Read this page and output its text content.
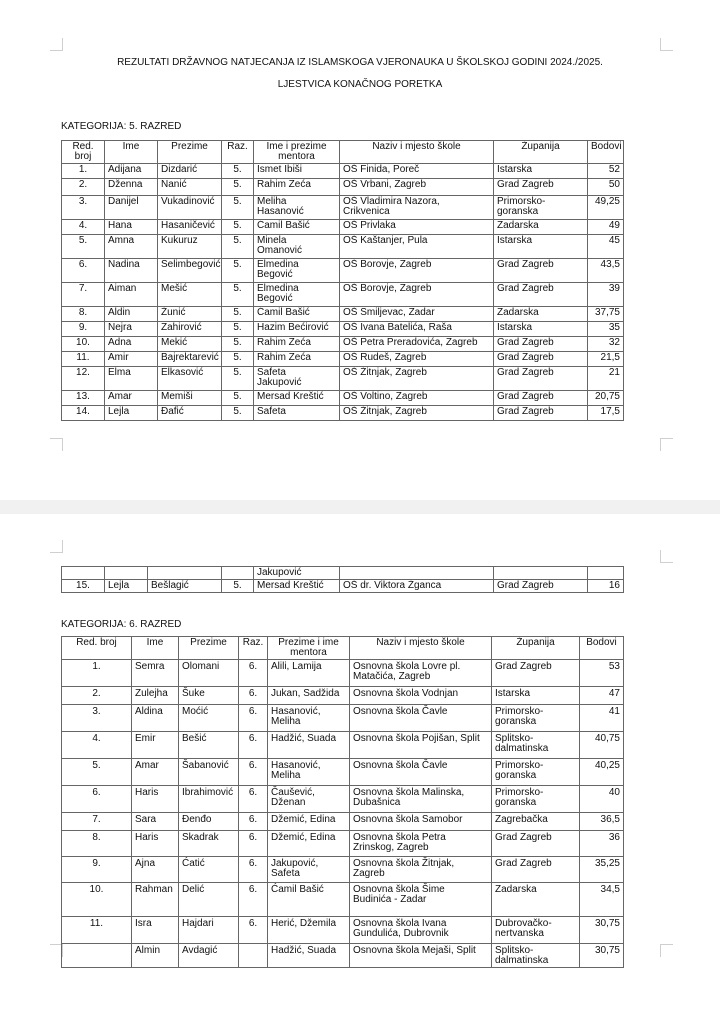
REZULTATI DRŽAVNOG NATJECANJA IZ ISLAMSKOGA VJERONAUKA U ŠKOLSKOJ GODINI 2024./2025.
LJESTVICA KONAČNOG PORETKA
KATEGORIJA: 5. RAZRED
Red.
broj	Ime	Prezime	Raz.	Ime i prezime
mentora	Naziv i mjesto škole	Županija	Bodovi
1.	Adijana	Dizdarić	5.	Ismet Ibiši	OŠ Finida, Poreč	Istarska	52
2.	Dženna	Nanić	5.	Rahim Zeća	OŠ Vrbani, Zagreb	Grad Zagreb	50
3.	Danijel	Vukadinović	5.	Meliha
Hasanović	OŠ Vladimira Nazora,
Crikvenica	Primorsko-
goranska	49,25
4.	Hana	Hasaničević	5.	Ćamil Bašić	OŠ Privlaka	Zadarska	49
5.	Amna	Kukuruz	5.	Minela
Omanović	OŠ Kaštanjer, Pula	Istarska	45
6.	Nadina	Selimbegović	5.	Elmedina
Begović	OŠ Borovje, Zagreb	Grad Zagreb	43,5
7.	Aiman	Mešić	5.	Elmedina
Begović	OŠ Borovje, Zagreb	Grad Zagreb	39
8.	Aldin	Žunić	5.	Ćamil Bašić	OŠ Smiljevac, Zadar	Zadarska	37,75
9.	Nejra	Zahirović	5.	Hazim Bećirović	OŠ Ivana Batelića, Raša	Istarska	35
10.	Adna	Mekić	5.	Rahim Zeća	OŠ Petra Preradovića, Zagreb	Grad Zagreb	32
11.	Amir	Bajrektarević	5.	Rahim Zeća	OŠ Rudeš, Zagreb	Grad Zagreb	21,5
12.	Elma	Elkasović	5.	Safeta
Jakupović	OŠ Žitnjak, Zagreb	Grad Zagreb	21
13.	Amar	Memiši	5.	Mersad Kreštić	OŠ Voltino, Zagreb	Grad Zagreb	20,75
14.	Lejla	Đafić	5.	Safeta	OŠ Žitnjak, Zagreb	Grad Zagreb	17,5
				Jakupović			
15.	Lejla	Bešlagić	5.	Mersad Kreštić	OŠ dr. Viktora Žganca	Grad Zagreb	16
KATEGORIJA: 6. RAZRED
Red. broj	Ime	Prezime	Raz.	Prezime i ime
mentora	Naziv i mjesto škole	Županija	Bodovi
1.	Semra	Olomani	6.	Alili, Lamija	Osnovna škola Lovre pl.
Matačića, Zagreb	Grad Zagreb	53
2.	Zulejha	Šuke	6.	Jukan, Sadžida	Osnovna škola Vodnjan	Istarska	47
3.	Aldina	Moćić	6.	Hasanović,
Meliha	Osnovna škola Čavle	Primorsko-
goranska	41
4.	Emir	Bešić	6.	Hadžić, Suada	Osnovna škola Pojišan, Split	Splitsko-
dalmatinska	40,75
5.	Amar	Šabanović	6.	Hasanović,
Meliha	Osnovna škola Čavle	Primorsko-
goranska	40,25
6.	Haris	Ibrahimović	6.	Čaušević,
Dženan	Osnovna škola Malinska,
Dubašnica	Primorsko-
goranska	40
7.	Sara	Đenđo	6.	Džemić, Edina	Osnovna škola Samobor	Zagrebačka	36,5
8.	Haris	Skadrak	6.	Džemić, Edina	Osnovna škola Petra
Zrinskog, Zagreb	Grad Zagreb	36
9.	Ajna	Ćatić	6.	Jakupović,
Safeta	Osnovna škola Žitnjak,
Zagreb	Grad Zagreb	35,25
10.	Rahman	Delić	6.	Ćamil Bašić	Osnovna škola Šime
Budinića - Zadar	Zadarska	34,5
11.	Isra	Hajdari	6.	Herić, Džemila	Osnovna škola Ivana
Gundulića, Dubrovnik	Dubrovačko-
nertvanska	30,75
	Almin	Avdagić		Hadžić, Suada	Osnovna škola Mejaši, Split	Splitsko-
dalmatinska	30,75
